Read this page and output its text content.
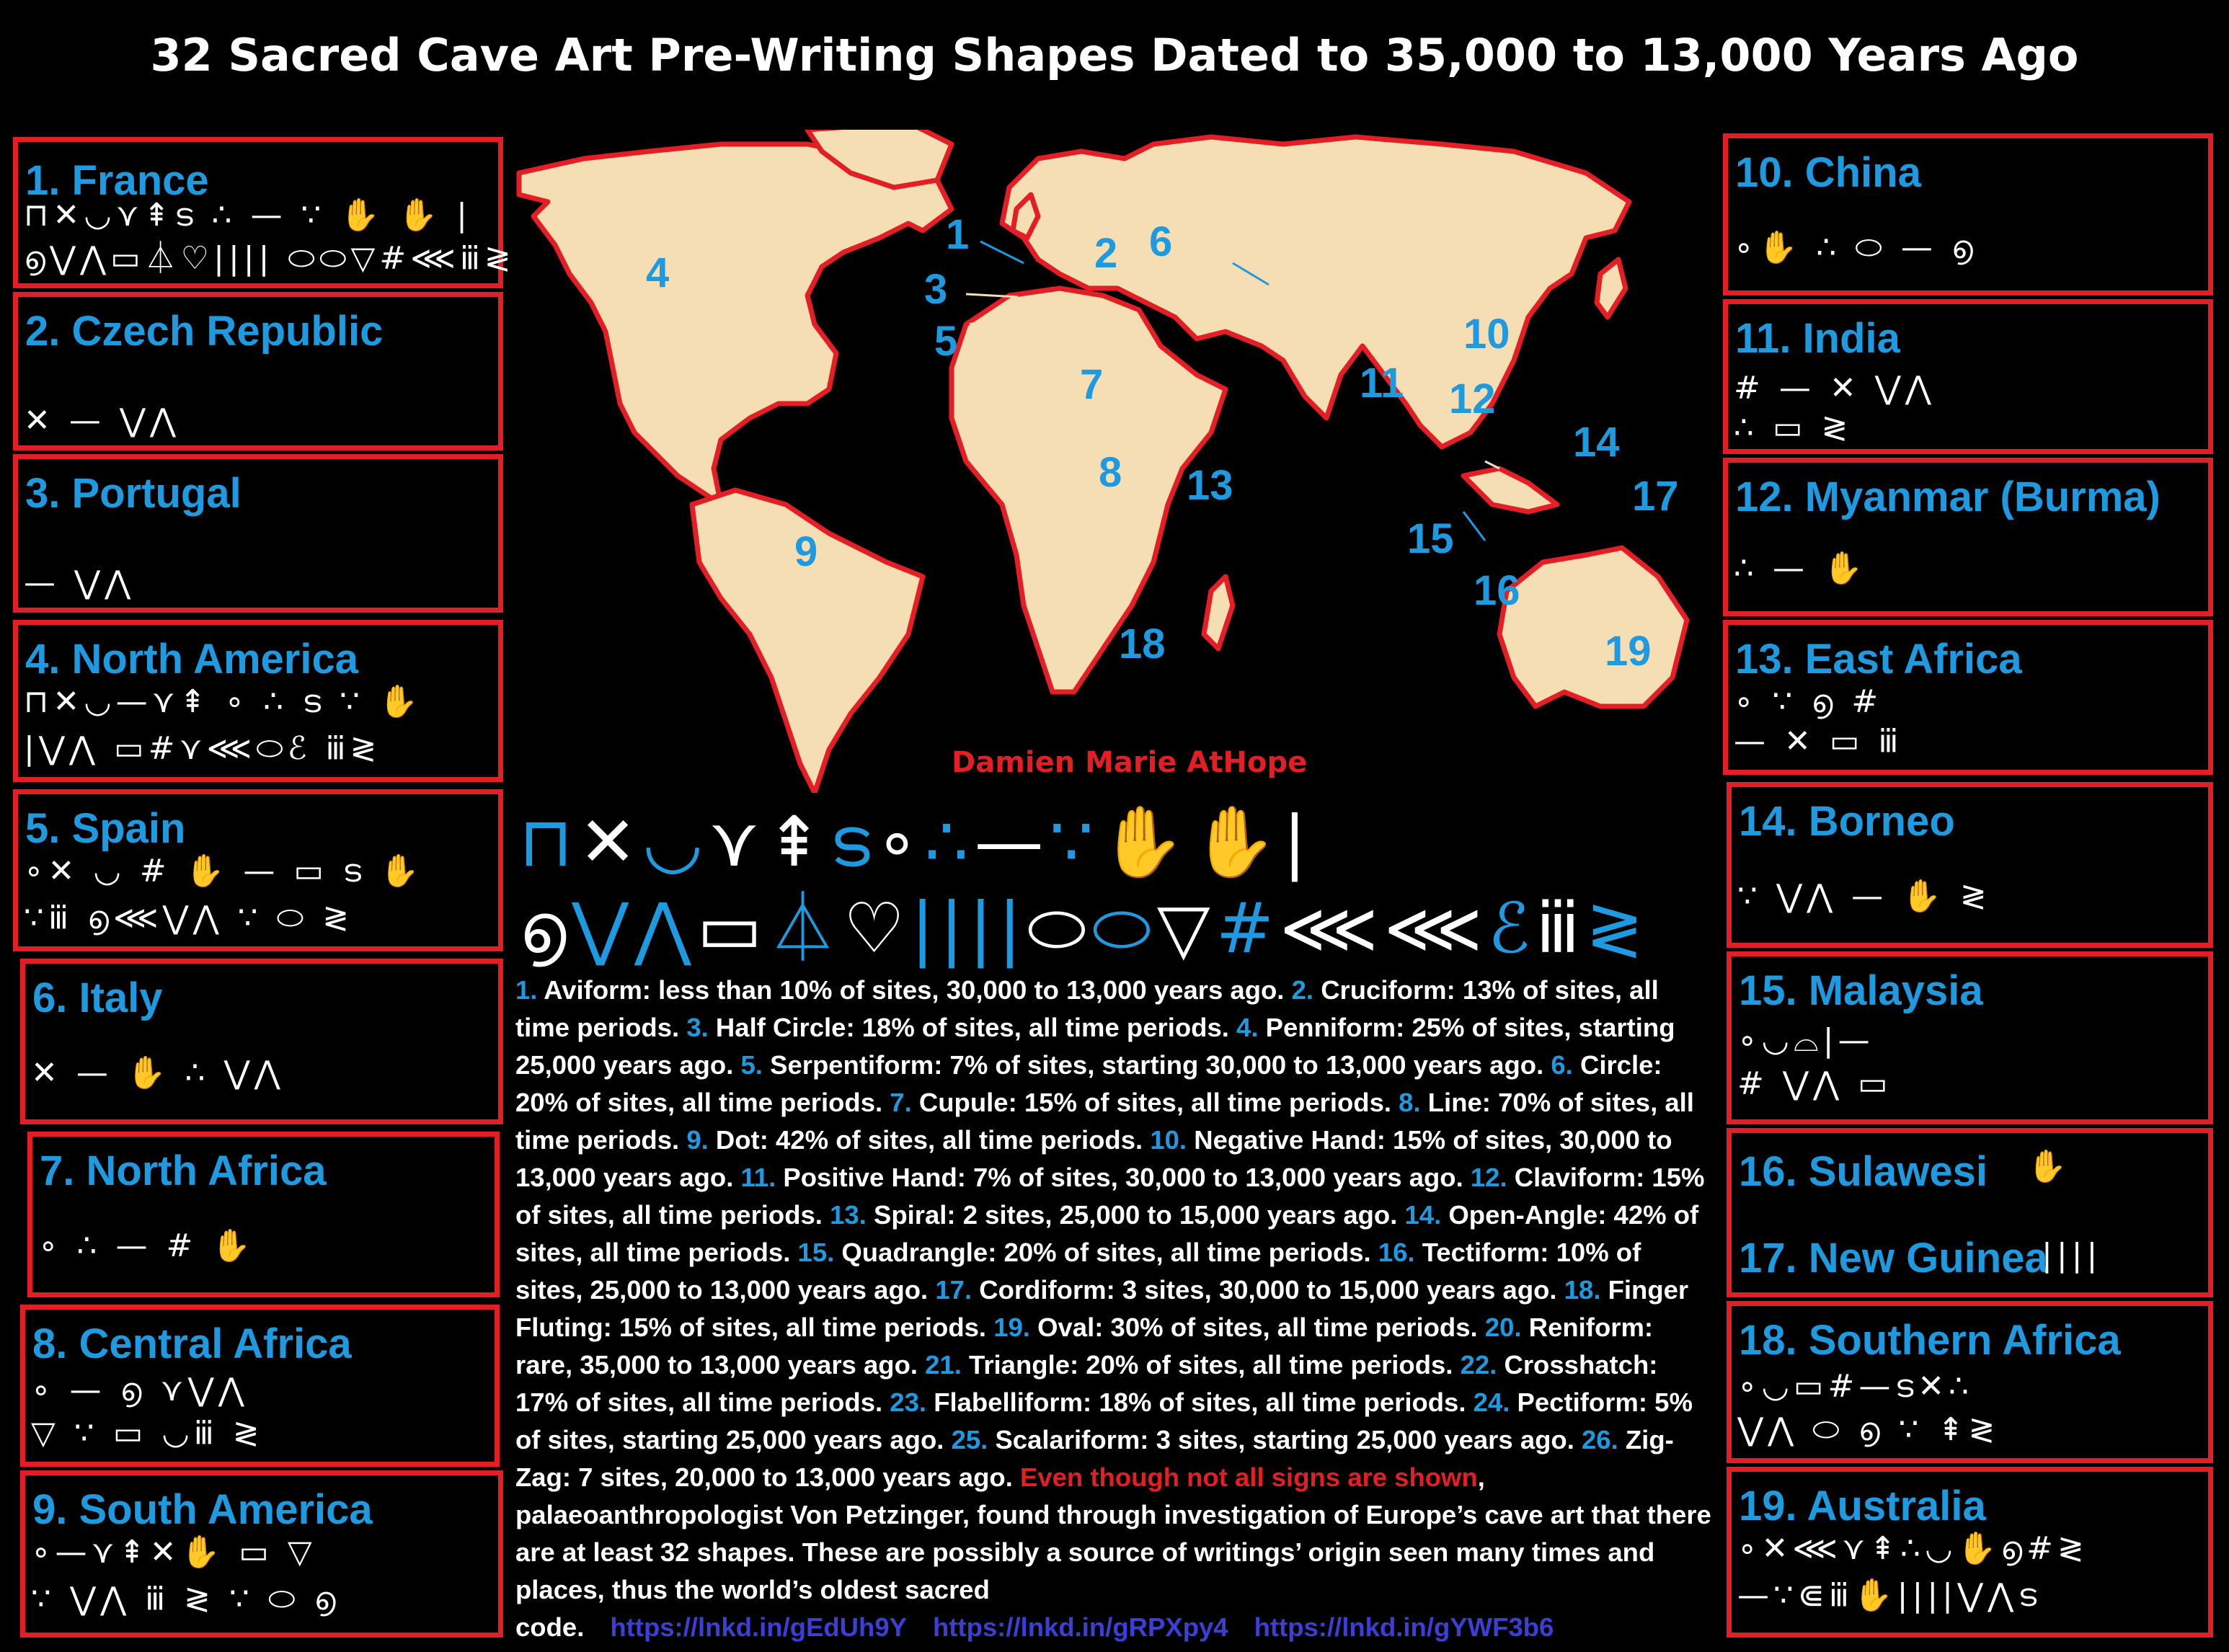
32 Sacred Cave Art Pre-Writing Shapes Dated to 35,000 to 13,000 Years Ago
1. France
⊓✕◡⋎⇞ട ∴ — ∵ ✋ ✋ |
൭⋁⋀▭⏃♡|||| ⬭⬭▽#⋘ⅲ≷
2. Czech Republic
✕ — ⋁⋀
3. Portugal
— ⋁⋀
4. North America
⊓✕◡—⋎⇞ ∘ ∴ ട ∵ ✋
|⋁⋀ ▭#⋎⋘⬭ℰ ⅲ≷
5. Spain
∘✕ ◡ # ✋ — ▭ ട ✋
∵ⅲ ൭⋘⋁⋀ ∵ ⬭ ≷
6. Italy
✕ — ✋ ∴ ⋁⋀
7. North Africa
∘ ∴ — # ✋
8. Central Africa
∘ — ൭ ⋎⋁⋀
▽ ∵ ▭ ◡ⅲ ≷
9. South America
∘—⋎⇞✕✋ ▭ ▽
∵ ⋁⋀ ⅲ ≷ ∵ ⬭ ൭
10. China
∘✋ ∴ ⬭ — ൭
11. India
# — ✕ ⋁⋀
∴ ▭ ≷
12. Myanmar (Burma)
∴ — ✋
13. East Africa
∘ ∵ ൭ #
— ✕ ▭ ⅲ
14. Borneo
∵ ⋁⋀ — ✋ ≷
15. Malaysia
∘◡⌓|—
# ⋁⋀ ▭
16. Sulawesi ✋
17. New Guinea
||||
18. Southern Africa
∘◡▭#—ട✕∴
⋁⋀ ⬭ ൭ ∵ ⇞≷
19. Australia
∘✕⋘⋎⇞∴◡✋൭#≷
—∵⋐ⅲ✋||||⋁⋀ട
1	2
3
4
5
6
7
8
9
10
11 12
13
14
15
16
17
18	19
Damien Marie AtHope
⊓✕◡⋎⇞ട∘∴—∵✋✋|
൭⋁⋀▭⏃♡||||⬭⬭▽#⋘⋘ℰⅲ≷
1. Aviform: less than 10% of sites, 30,000 to 13,000 years ago. 2. Cruciform: 13% of sites, all time periods. 3. Half Circle: 18% of sites, all time periods. 4. Penniform: 25% of sites, starting 25,000 years ago. 5. Serpentiform: 7% of sites, starting 30,000 to 13,000 years ago. 6. Circle: 20% of sites, all time periods. 7. Cupule: 15% of sites, all time periods. 8. Line: 70% of sites, all time periods. 9. Dot: 42% of sites, all time periods. 10. Negative Hand: 15% of sites, 30,000 to 13,000 years ago. 11. Positive Hand: 7% of sites, 30,000 to 13,000 years ago. 12. Claviform: 15% of sites, all time periods. 13. Spiral: 2 sites, 25,000 to 15,000 years ago. 14. Open-Angle: 42% of sites, all time periods. 15. Quadrangle: 20% of sites, all time periods. 16. Tectiform: 10% of sites, 25,000 to 13,000 years ago. 17. Cordiform: 3 sites, 30,000 to 15,000 years ago. 18. Finger Fluting: 15% of sites, all time periods. 19. Oval: 30% of sites, all time periods. 20. Reniform: rare, 35,000 to 13,000 years ago. 21. Triangle: 20% of sites, all time periods. 22. Crosshatch: 17% of sites, all time periods. 23. Flabelliform: 18% of sites, all time periods. 24. Pectiform: 5% of sites, starting 25,000 years ago. 25. Scalariform: 3 sites, starting 25,000 years ago. 26. Zig-Zag: 7 sites, 20,000 to 13,000 years ago. Even though not all signs are shown, palaeoanthropologist Von Petzinger, found through investigation of Europe’s cave art that there are at least 32 shapes. These are possibly a source of writings’ origin seen many times and places, thus the world’s oldest sacred code. https://lnkd.in/gEdUh9Y https://lnkd.in/gRPXpy4 https://lnkd.in/gYWF3b6
